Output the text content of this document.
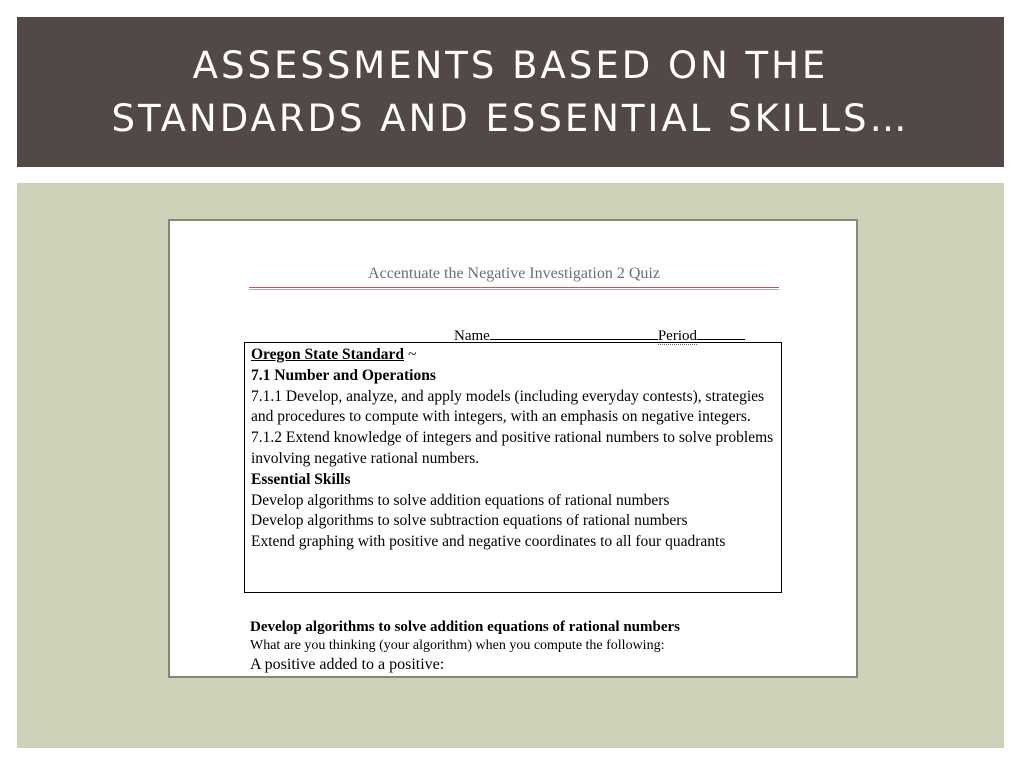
ASSESSMENTS BASED ON THE
STANDARDS AND ESSENTIAL SKILLS…
Accentuate the Negative Investigation 2 Quiz
Name	Period

Oregon State Standard ~

7.1 Number and Operations

7.1.1 Develop, analyze, and apply models (including everyday contests), strategies and procedures to compute with integers, with an emphasis on negative integers.

7.1.2 Extend knowledge of integers and positive rational numbers to solve problems involving negative rational numbers.

Essential Skills

Develop algorithms to solve addition equations of rational numbers

Develop algorithms to solve subtraction equations of rational numbers

Extend graphing with positive and negative coordinates to all four quadrants

Develop algorithms to solve addition equations of rational numbers

What are you thinking (your algorithm) when you compute the following:

A positive added to a positive:
